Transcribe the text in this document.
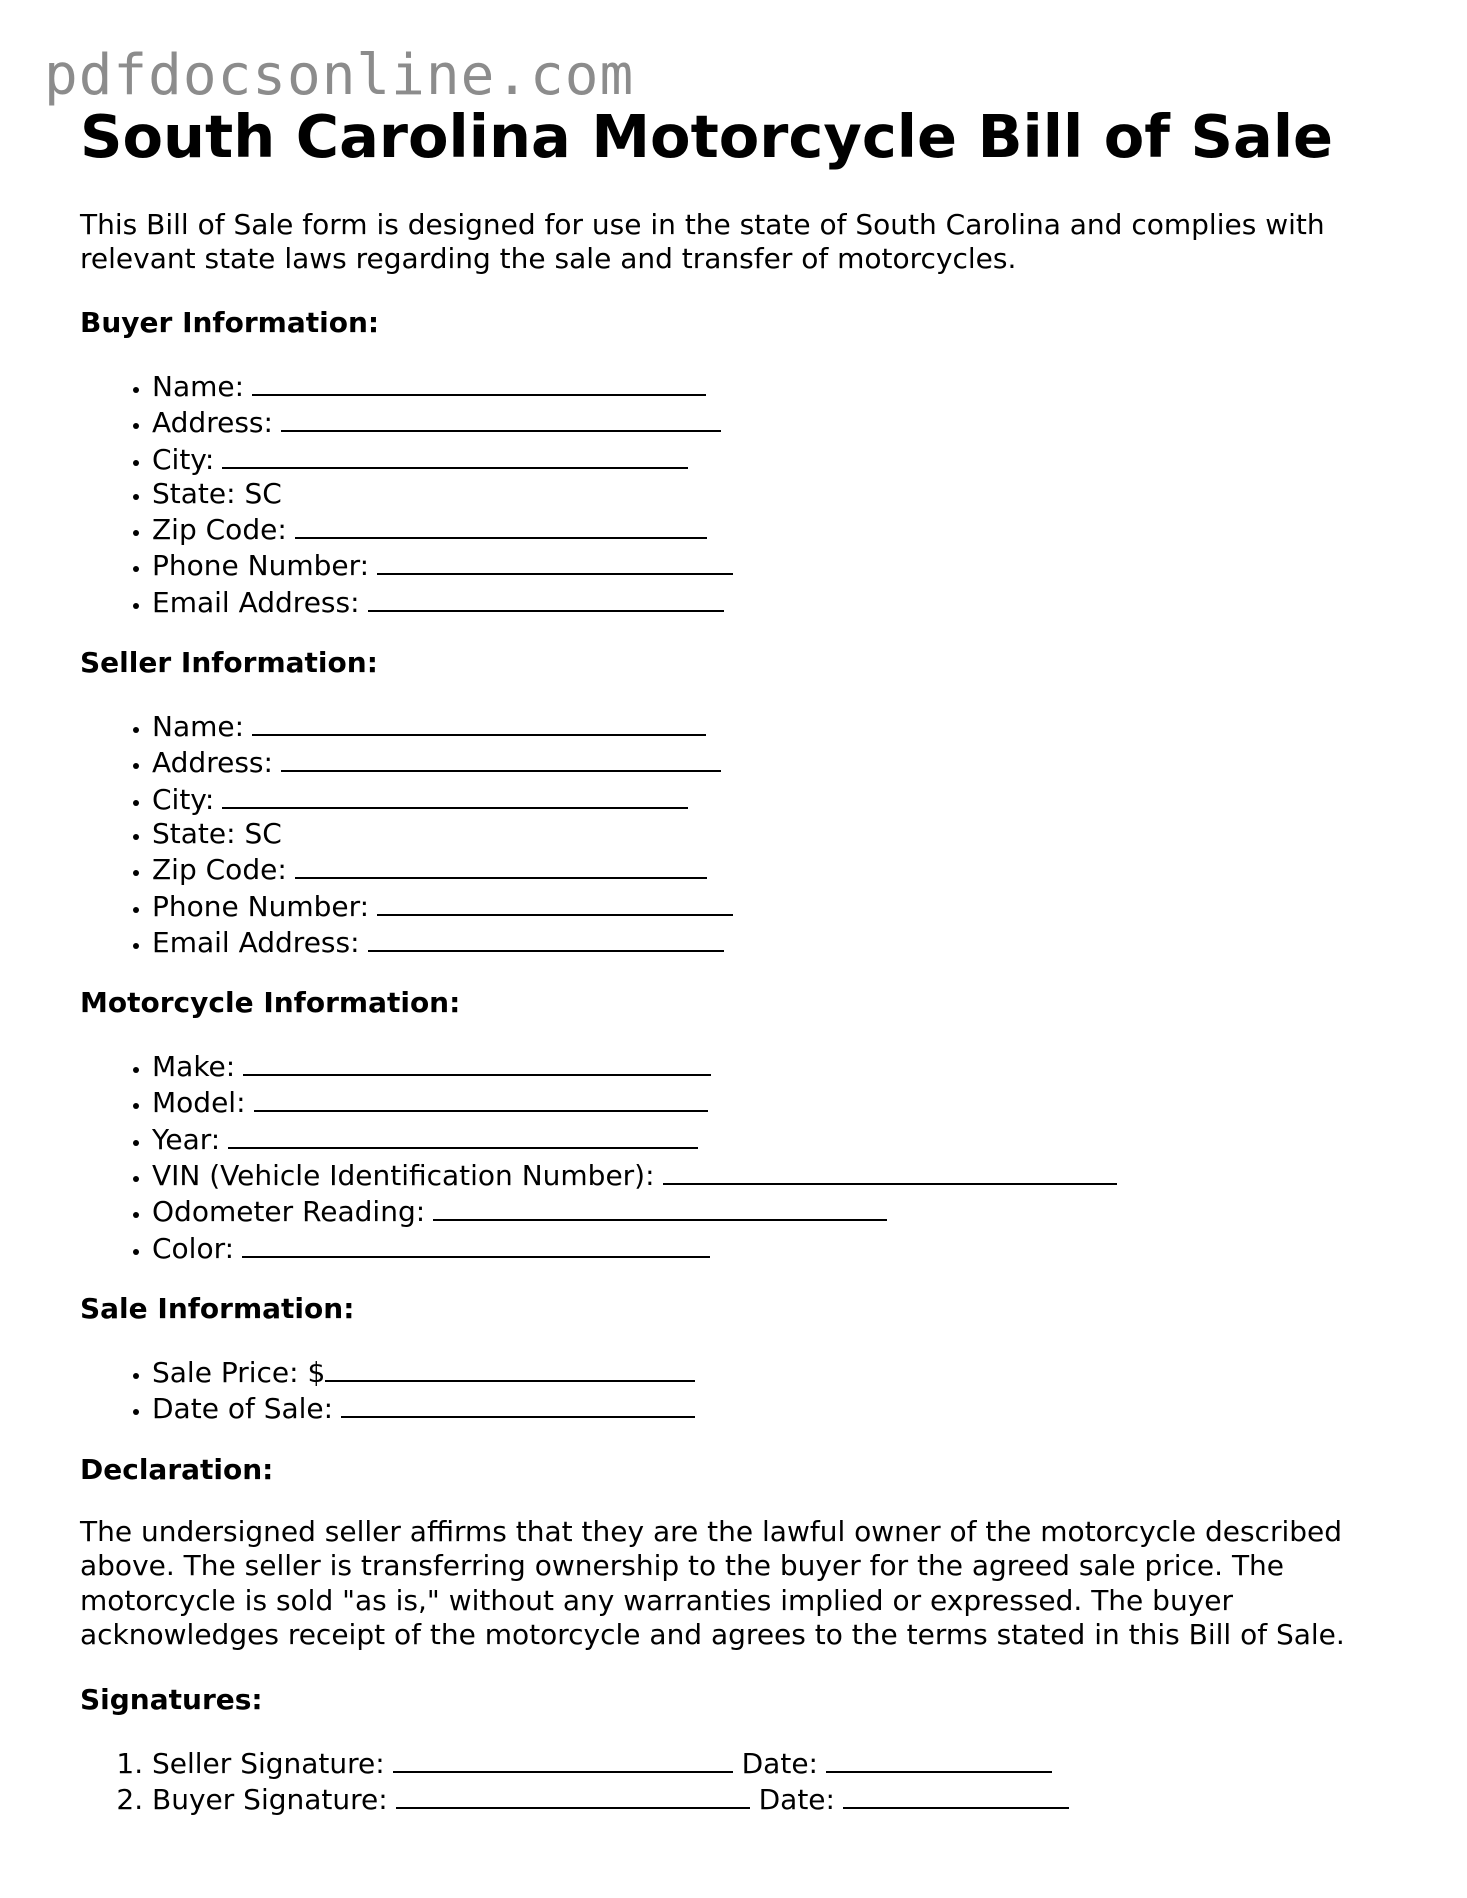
pdfdocsonline.com
South Carolina Motorcycle Bill of Sale

This Bill of Sale form is designed for use in the state of South Carolina and complies with relevant state laws regarding the sale and transfer of motorcycles.

Buyer Information:
• Name:
• Address:
• City:
• State: SC
• Zip Code:
• Phone Number:
• Email Address:
Seller Information:
• Name:
• Address:
• City:
• State: SC
• Zip Code:
• Phone Number:
• Email Address:
Motorcycle Information:
• Make:
• Model:
• Year:
• VIN (Vehicle Identification Number):
• Odometer Reading:
• Color:
Sale Information:
• Sale Price: $
• Date of Sale:
Declaration:

The undersigned seller affirms that they are the lawful owner of the motorcycle described above. The seller is transferring ownership to the buyer for the agreed sale price. The motorcycle is sold "as is," without any warranties implied or expressed. The buyer acknowledges receipt of the motorcycle and agrees to the terms stated in this Bill of Sale.

Signatures:
1. Seller Signature:	Date:
2. Buyer Signature:	Date:
